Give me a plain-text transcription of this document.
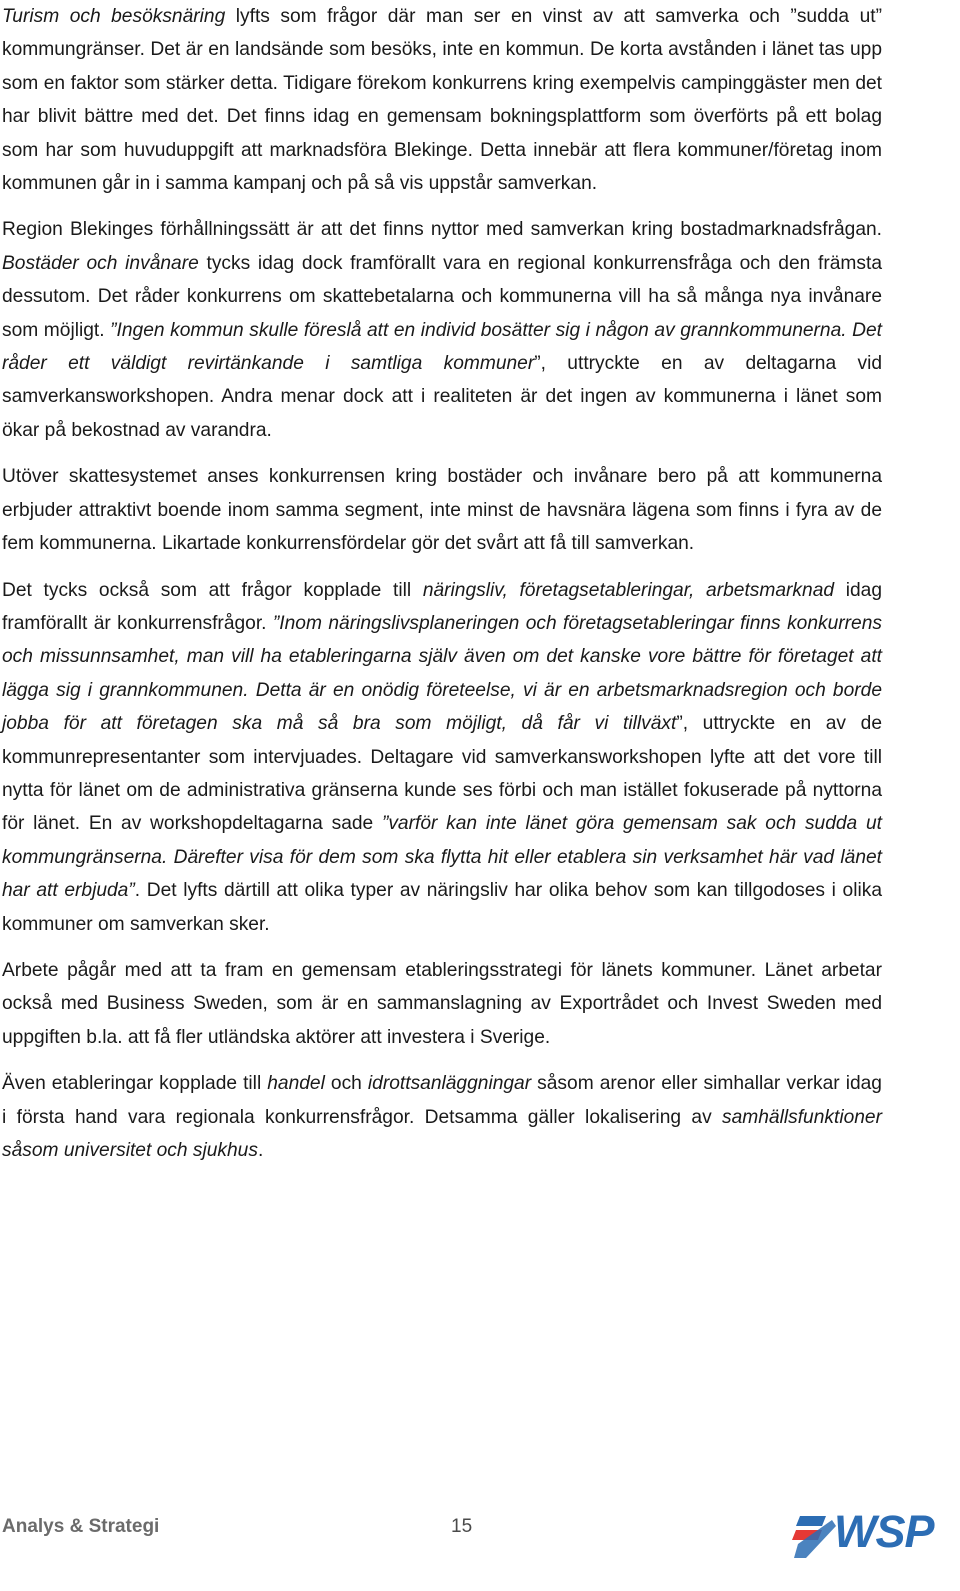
Turism och besöksnäring lyfts som frågor där man ser en vinst av att samverka och ”sudda ut” kommungränser. Det är en landsände som besöks, inte en kommun. De korta avstånden i länet tas upp som en faktor som stärker detta. Tidigare förekom konkurrens kring exempelvis campinggäster men det har blivit bättre med det. Det finns idag en gemensam bokningsplattform som överförts på ett bolag som har som huvuduppgift att marknadsföra Blekinge. Detta innebär att flera kommuner/företag inom kommunen går in i samma kampanj och på så vis uppstår samverkan.

Region Blekinges förhållningssätt är att det finns nyttor med samverkan kring bostadmarknadsfrågan. Bostäder och invånare tycks idag dock framförallt vara en regional konkurrensfråga och den främsta dessutom. Det råder konkurrens om skattebetalarna och kommunerna vill ha så många nya invånare som möjligt. ”Ingen kommun skulle föreslå att en individ bosätter sig i någon av grannkommunerna. Det råder ett väldigt revirtänkande i samtliga kommuner”, uttryckte en av deltagarna vid samverkansworkshopen. Andra menar dock att i realiteten är det ingen av kommunerna i länet som ökar på bekostnad av varandra.

Utöver skattesystemet anses konkurrensen kring bostäder och invånare bero på att kommunerna erbjuder attraktivt boende inom samma segment, inte minst de havsnära lägena som finns i fyra av de fem kommunerna. Likartade konkurrensfördelar gör det svårt att få till samverkan.

Det tycks också som att frågor kopplade till näringsliv, företagsetableringar, arbetsmarknad idag framförallt är konkurrensfrågor. ”Inom näringslivsplaneringen och företagsetableringar finns konkurrens och missunnsamhet, man vill ha etableringarna själv även om det kanske vore bättre för företaget att lägga sig i grannkommunen. Detta är en onödig företeelse, vi är en arbetsmarknadsregion och borde jobba för att företagen ska må så bra som möjligt, då får vi tillväxt”, uttryckte en av de kommunrepresentanter som intervjuades. Deltagare vid samverkansworkshopen lyfte att det vore till nytta för länet om de administrativa gränserna kunde ses förbi och man istället fokuserade på nyttorna för länet. En av workshopdeltagarna sade ”varför kan inte länet göra gemensam sak och sudda ut kommungränserna. Därefter visa för dem som ska flytta hit eller etablera sin verksamhet här vad länet har att erbjuda”. Det lyfts därtill att olika typer av näringsliv har olika behov som kan tillgodoses i olika kommuner om samverkan sker.

Arbete pågår med att ta fram en gemensam etableringsstrategi för länets kommuner. Länet arbetar också med Business Sweden, som är en sammanslagning av Exportrådet och Invest Sweden med uppgiften b.la. att få fler utländska aktörer att investera i Sverige.

Även etableringar kopplade till handel och idrottsanläggningar såsom arenor eller simhallar verkar idag i första hand vara regionala konkurrensfrågor. Detsamma gäller lokalisering av samhällsfunktioner såsom universitet och sjukhus.

Analys & Strategi	15	WSP
